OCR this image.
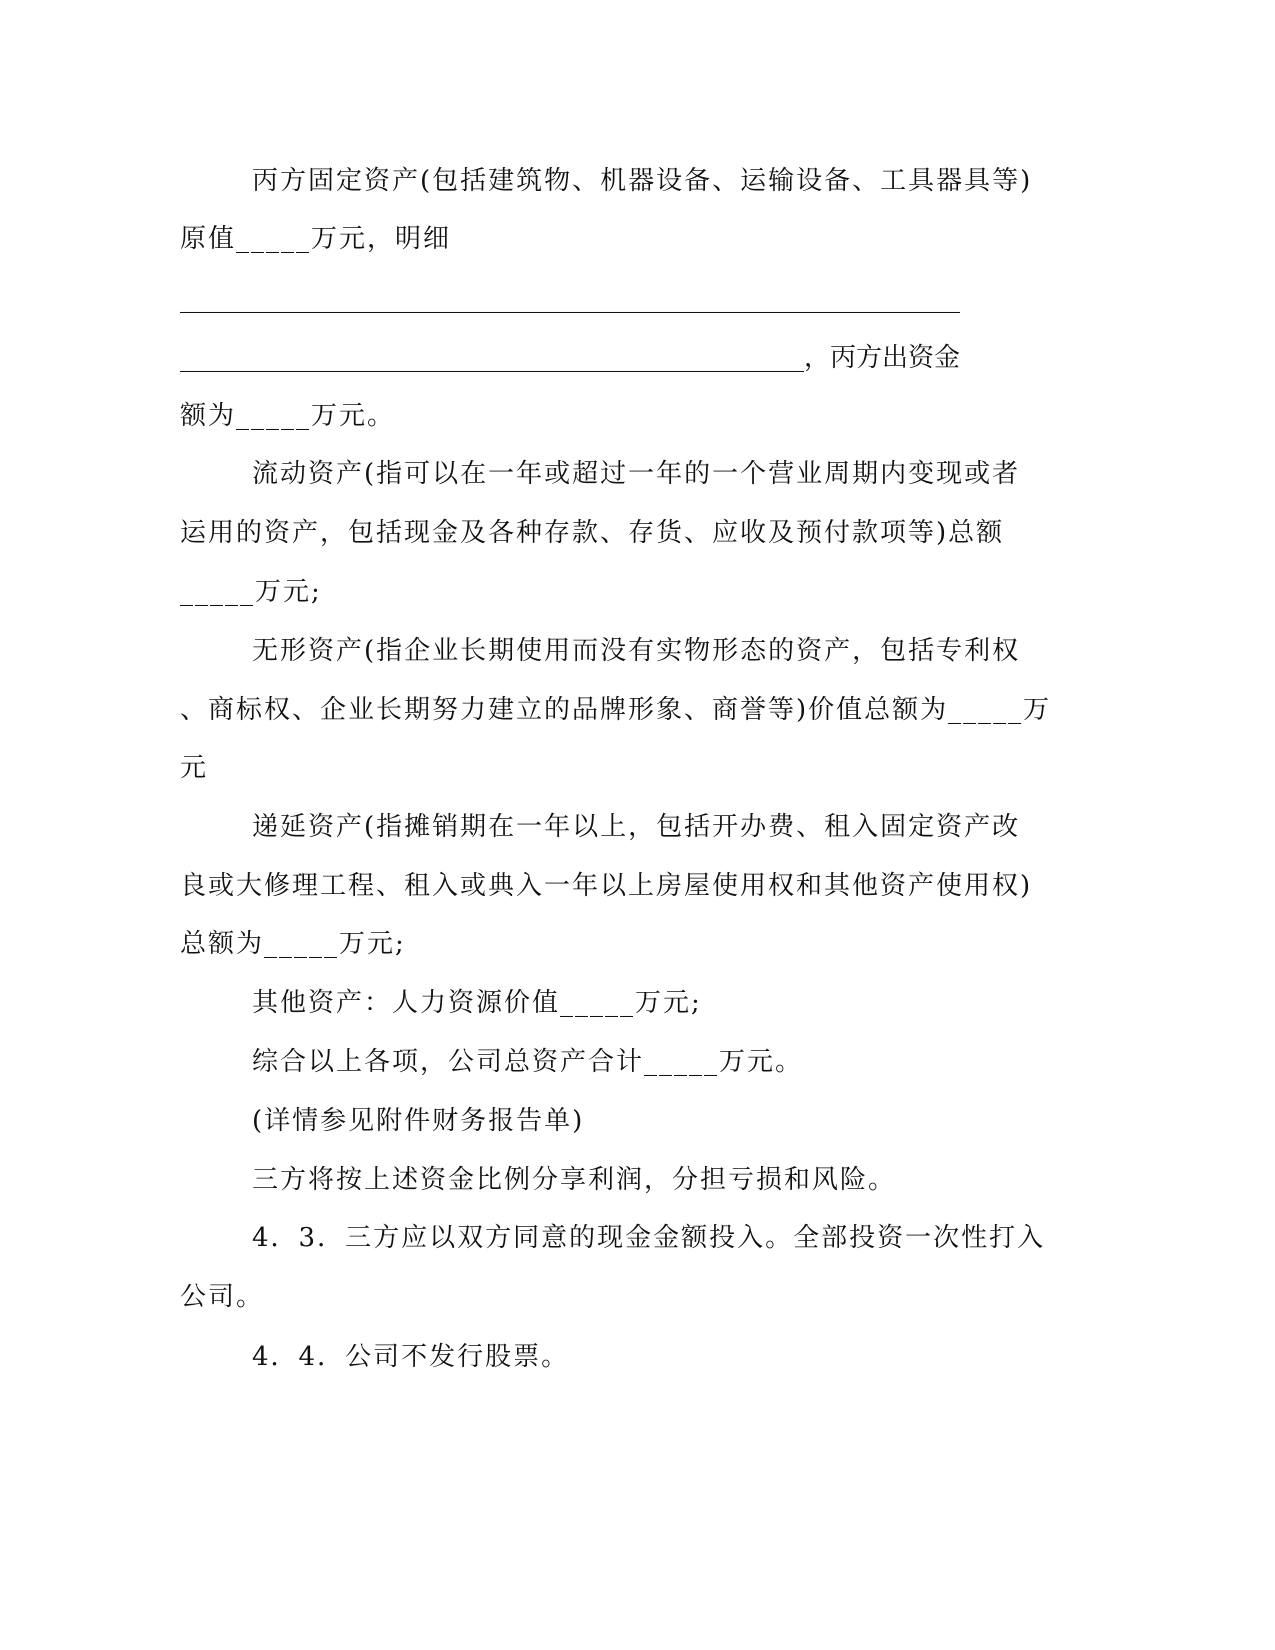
丙方固定资产(包括建筑物、机器设备、运输设备、工具器具等)
原值_____万元，明细
____________________________________________________________
________________________________________________，丙方出资金
额为_____万元。
流动资产(指可以在一年或超过一年的一个营业周期内变现或者
运用的资产，包括现金及各种存款、存货、应收及预付款项等)总额
_____万元;
无形资产(指企业长期使用而没有实物形态的资产，包括专利权
、商标权、企业长期努力建立的品牌形象、商誉等)价值总额为_____万
元
递延资产(指摊销期在一年以上，包括开办费、租入固定资产改
良或大修理工程、租入或典入一年以上房屋使用权和其他资产使用权)
总额为_____万元;
其他资产：人力资源价值_____万元;
综合以上各项，公司总资产合计_____万元。
(详情参见附件财务报告单)
三方将按上述资金比例分享利润，分担亏损和风险。
4．3．三方应以双方同意的现金金额投入。全部投资一次性打入
公司。
4．4．公司不发行股票。
